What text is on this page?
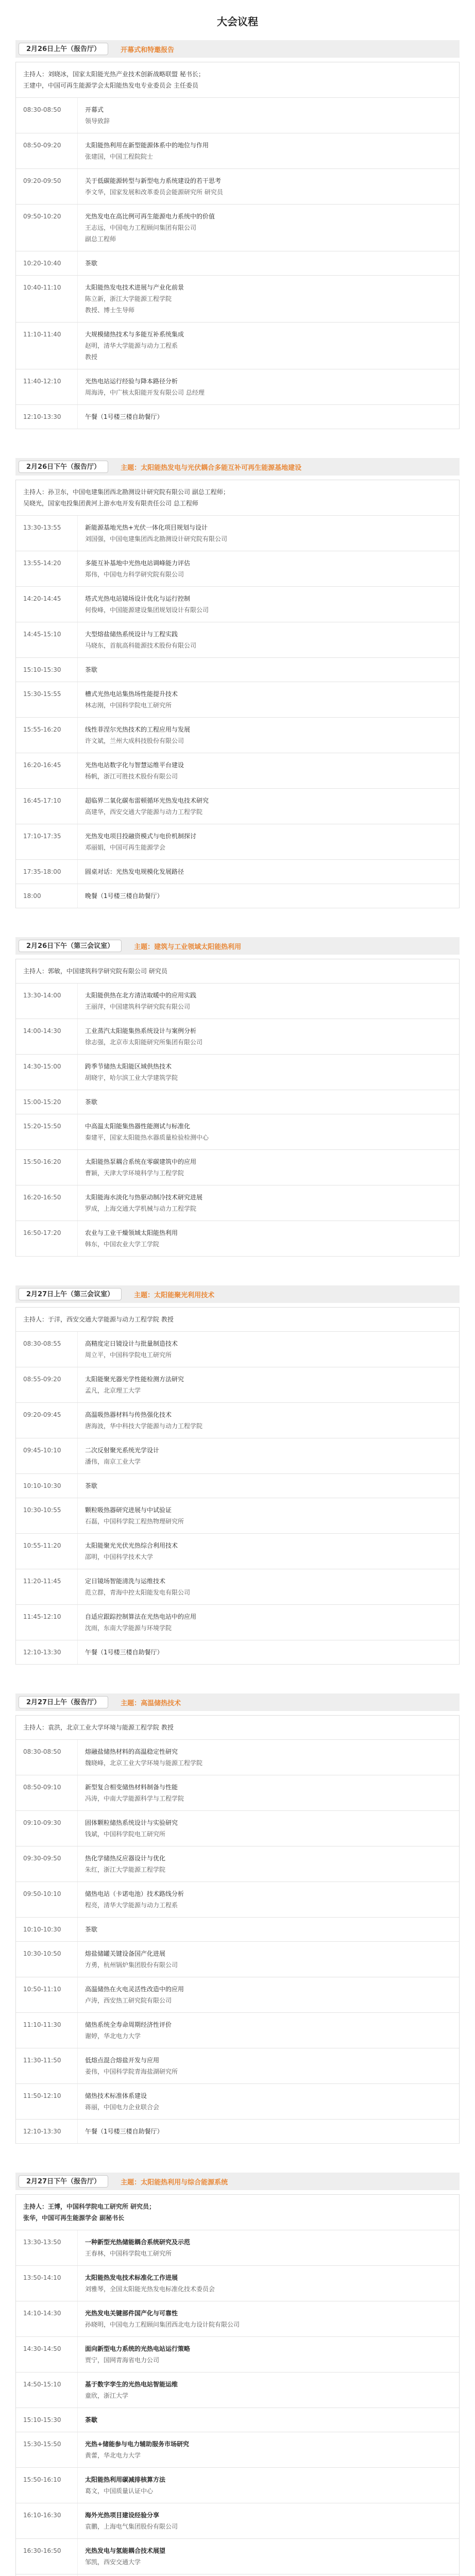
大会议程
2月26日上午（报告厅）	开幕式和特邀报告
主持人：刘晓冰，国家太阳能光热产业技术创新战略联盟 秘书长；
王建中，中国可再生能源学会太阳能热发电专业委员会 主任委员
08:30-08:50	开幕式
领导致辞
08:50-09:20	太阳能热利用在新型能源体系中的地位与作用
张建国，中国工程院院士
09:20-09:50	关于低碳能源转型与新型电力系统建设的若干思考
李文华，国家发展和改革委员会能源研究所 研究员
09:50-10:20	光热发电在高比例可再生能源电力系统中的价值
王志远，中国电力工程顾问集团有限公司
副总工程师
10:20-10:40	茶歇
10:40-11:10	太阳能热发电技术进展与产业化前景
陈立新，浙江大学能源工程学院
教授、博士生导师
11:10-11:40	大规模储热技术与多能互补系统集成
赵明，清华大学能源与动力工程系
教授
11:40-12:10	光热电站运行经验与降本路径分析
周海涛，中广核太阳能开发有限公司 总经理
12:10-13:30	午餐（1号楼三楼自助餐厅）
2月26日下午（报告厅）	主题：太阳能热发电与光伏耦合多能互补可再生能源基地建设
主持人：孙卫东，中国电建集团西北勘测设计研究院有限公司 副总工程师；
吴晓光，国家电投集团黄河上游水电开发有限责任公司 总工程师
13:30-13:55	新能源基地光热+光伏一体化项目规划与设计
刘国强，中国电建集团西北勘测设计研究院有限公司
13:55-14:20	多能互补基地中光热电站调峰能力评估
郑伟，中国电力科学研究院有限公司
14:20-14:45	塔式光热电站镜场设计优化与运行控制
何俊峰，中国能源建设集团规划设计有限公司
14:45-15:10	大型熔盐储热系统设计与工程实践
马晓东，首航高科能源技术股份有限公司
15:10-15:30	茶歇
15:30-15:55	槽式光热电站集热场性能提升技术
林志刚，中国科学院电工研究所
15:55-16:20	线性菲涅尔光热技术的工程应用与发展
许文斌，兰州大成科技股份有限公司
16:20-16:45	光热电站数字化与智慧运维平台建设
杨帆，浙江可胜技术股份有限公司
16:45-17:10	超临界二氧化碳布雷顿循环光热发电技术研究
高建华，西安交通大学能源与动力工程学院
17:10-17:35	光热发电项目投融资模式与电价机制探讨
邓丽娟，中国可再生能源学会
17:35-18:00	圆桌对话：光热发电规模化发展路径
18:00	晚餐（1号楼三楼自助餐厅）
2月26日下午（第三会议室）	主题：建筑与工业领域太阳能热利用
主持人：郭敏，中国建筑科学研究院有限公司 研究员
13:30-14:00	太阳能供热在北方清洁取暖中的应用实践
王丽萍，中国建筑科学研究院有限公司
14:00-14:30	工业蒸汽太阳能集热系统设计与案例分析
徐志强，北京市太阳能研究所集团有限公司
14:30-15:00	跨季节储热太阳能区域供热技术
胡晓宇，哈尔滨工业大学建筑学院
15:00-15:20	茶歇
15:20-15:50	中高温太阳能集热器性能测试与标准化
秦建平，国家太阳能热水器质量检验检测中心
15:50-16:20	太阳能热泵耦合系统在零碳建筑中的应用
曹颖，天津大学环境科学与工程学院
16:20-16:50	太阳能海水淡化与热驱动制冷技术研究进展
罗成，上海交通大学机械与动力工程学院
16:50-17:20	农业与工业干燥领域太阳能热利用
韩东，中国农业大学工学院
2月27日上午（第三会议室）	主题：太阳能聚光利用技术
主持人：于洋，西安交通大学能源与动力工程学院 教授
08:30-08:55	高精度定日镜设计与批量制造技术
周立平，中国科学院电工研究所
08:55-09:20	太阳能聚光器光学性能检测方法研究
孟凡，北京理工大学
09:20-09:45	高温吸热器材料与传热强化技术
唐海波，华中科技大学能源与动力工程学院
09:45-10:10	二次反射聚光系统光学设计
潘伟，南京工业大学
10:10-10:30	茶歇
10:30-10:55	颗粒吸热器研究进展与中试验证
石磊，中国科学院工程热物理研究所
10:55-11:20	太阳能聚光光伏光热综合利用技术
邵明，中国科学技术大学
11:20-11:45	定日镜场智能清洗与运维技术
范立群，青海中控太阳能发电有限公司
11:45-12:10	自适应跟踪控制算法在光热电站中的应用
沈雨，东南大学能源与环境学院
12:10-13:30	午餐（1号楼三楼自助餐厅）
2月27日上午（报告厅）	主题：高温储热技术
主持人：袁洪，北京工业大学环境与能源工程学院 教授
08:30-08:50	熔融盐储热材料的高温稳定性研究
魏晓峰，北京工业大学环境与能源工程学院
08:50-09:10	新型复合相变储热材料制备与性能
冯涛，中南大学能源科学与工程学院
09:10-09:30	固体颗粒储热系统设计与实验研究
钱斌，中国科学院电工研究所
09:30-09:50	热化学储热反应器设计与优化
朱红，浙江大学能源工程学院
09:50-10:10	储热电站（卡诺电池）技术路线分析
程亮，清华大学能源与动力工程系
10:10-10:30	茶歇
10:30-10:50	熔盐储罐关键设备国产化进展
方勇，杭州锅炉集团股份有限公司
10:50-11:10	高温储热在火电灵活性改造中的应用
卢涛，西安热工研究院有限公司
11:10-11:30	储热系统全寿命周期经济性评价
谢婷，华北电力大学
11:30-11:50	低熔点混合熔盐开发与应用
姜伟，中国科学院青海盐湖研究所
11:50-12:10	储热技术标准体系建设
蒋丽，中国电力企业联合会
12:10-13:30	午餐（1号楼三楼自助餐厅）
2月27日下午（报告厅）	主题：太阳能热利用与综合能源系统
主持人：王博，中国科学院电工研究所 研究员；
张华，中国可再生能源学会 副秘书长
13:30-13:50	一种新型光热储能耦合系统研究及示范
王春林，中国科学院电工研究所
13:50-14:10	太阳能热发电技术标准化工作进展
刘雅琴，全国太阳能光热发电标准化技术委员会
14:10-14:30	光热发电关键部件国产化与可靠性
孙晓明，中国电力工程顾问集团西北电力设计院有限公司
14:30-14:50	面向新型电力系统的光热电站运行策略
贾宁，国网青海省电力公司
14:50-15:10	基于数字孪生的光热电站智能运维
童欣，浙江大学
15:10-15:30	茶歇
15:30-15:50	光热+储能参与电力辅助服务市场研究
黄蕾，华北电力大学
15:50-16:10	太阳能热利用碳减排核算方法
葛文，中国质量认证中心
16:10-16:30	海外光热项目建设经验分享
袁鹏，上海电气集团股份有限公司
16:30-16:50	光热发电与氢能耦合技术展望
邹凯，西安交通大学
